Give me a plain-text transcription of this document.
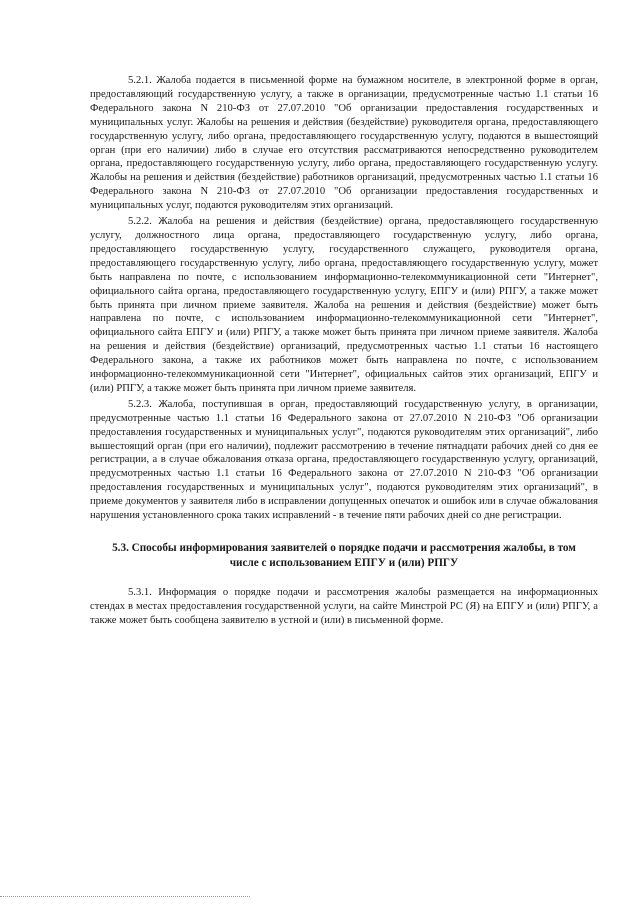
5.2.1. Жалоба подается в письменной форме на бумажном носителе, в электронной форме в орган, предоставляющий государственную услугу, а также в организации, предусмотренные частью 1.1 статьи 16 Федерального закона N 210-ФЗ от 27.07.2010 "Об организации предоставления государственных и муниципальных услуг. Жалобы на решения и действия (бездействие) руководителя органа, предоставляющего государственную услугу, либо органа, предоставляющего государственную услугу, подаются в вышестоящий орган (при его наличии) либо в случае его отсутствия рассматриваются непосредственно руководителем органа, предоставляющего государственную услугу, либо органа, предоставляющего государственную услугу. Жалобы на решения и действия (бездействие) работников организаций, предусмотренных частью 1.1 статьи 16 Федерального закона N 210-ФЗ от 27.07.2010 "Об организации предоставления государственных и муниципальных услуг, подаются руководителям этих организаций.

5.2.2. Жалоба на решения и действия (бездействие) органа, предоставляющего государственную услугу, должностного лица органа, предоставляющего государственную услугу, либо органа, предоставляющего государственную услугу, государственного служащего, руководителя органа, предоставляющего государственную услугу, либо органа, предоставляющего государственную услугу, может быть направлена по почте, с использованием информационно-телекоммуникационной сети "Интернет", официального сайта органа, предоставляющего государственную услугу, ЕПГУ и (или) РПГУ, а также может быть принята при личном приеме заявителя. Жалоба на решения и действия (бездействие) может быть направлена по почте, с использованием информационно-телекоммуникационной сети "Интернет", официального сайта ЕПГУ и (или) РПГУ, а также может быть принята при личном приеме заявителя. Жалоба на решения и действия (бездействие) организаций, предусмотренных частью 1.1 статьи 16 настоящего Федерального закона, а также их работников может быть направлена по почте, с использованием информационно-телекоммуникационной сети "Интернет", официальных сайтов этих организаций, ЕПГУ и (или) РПГУ, а также может быть принята при личном приеме заявителя.

5.2.3. Жалоба, поступившая в орган, предоставляющий государственную услугу, в организации, предусмотренные частью 1.1 статьи 16 Федерального закона от 27.07.2010 N 210-ФЗ "Об организации предоставления государственных и муниципальных услуг", подаются руководителям этих организаций", либо вышестоящий орган (при его наличии), подлежит рассмотрению в течение пятнадцати рабочих дней со дня ее регистрации, а в случае обжалования отказа органа, предоставляющего государственную услугу, организаций, предусмотренных частью 1.1 статьи 16 Федерального закона от 27.07.2010 N 210-ФЗ "Об организации предоставления государственных и муниципальных услуг", подаются руководителям этих организаций", в приеме документов у заявителя либо в исправлении допущенных опечаток и ошибок или в случае обжалования нарушения установленного срока таких исправлений - в течение пяти рабочих дней со дне регистрации.

5.3. Способы информирования заявителей о порядке подачи и рассмотрения жалобы, в том числе с использованием ЕПГУ и (или) РПГУ

5.3.1. Информация о порядке подачи и рассмотрения жалобы размещается на информационных стендах в местах предоставления государственной услуги, на сайте Минстрой РС (Я) на ЕПГУ и (или) РПГУ, а также может быть сообщена заявителю в устной и (или) в письменной форме.
